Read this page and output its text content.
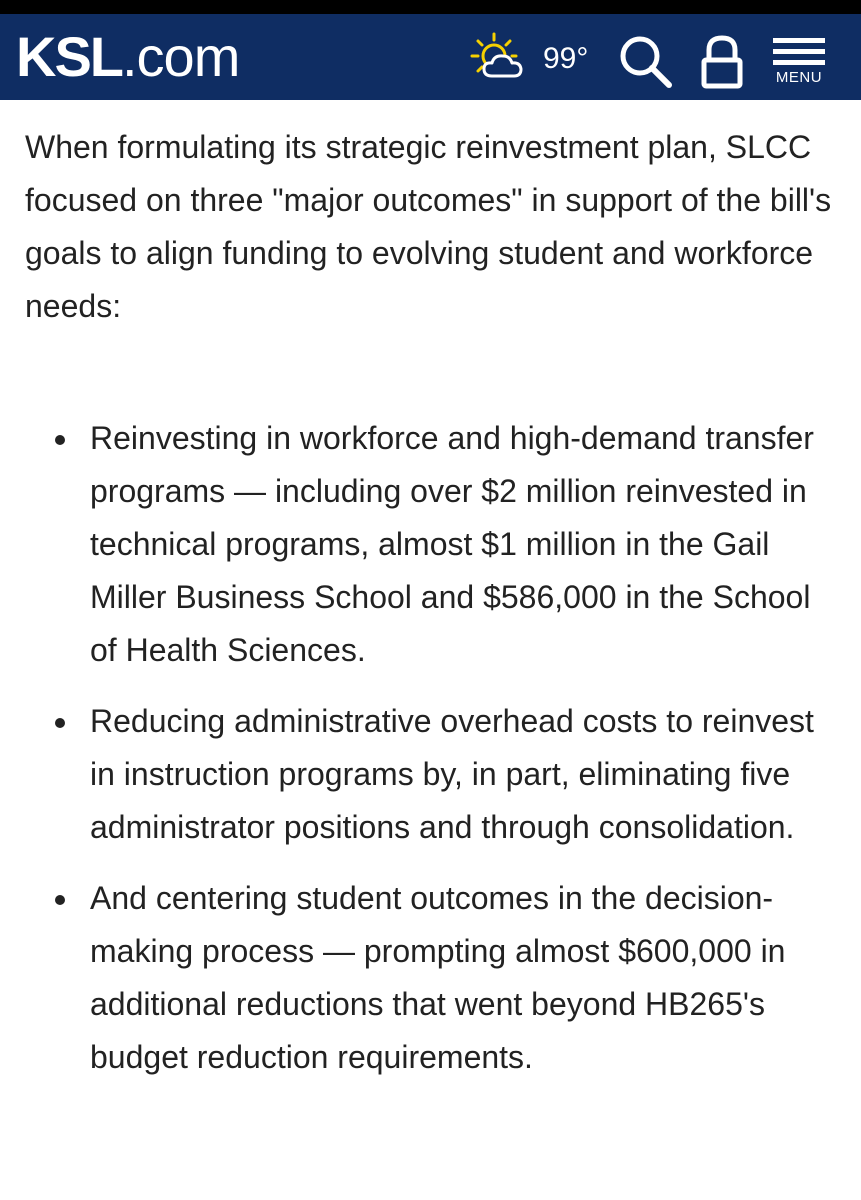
KSL.com	99°
MENU

When formulating its strategic reinvestment plan, SLCC focused on three "major outcomes" in support of the bill's goals to align funding to evolving student and workforce needs:

Reinvesting in workforce and high-demand transfer programs — including over $2 million reinvested in technical programs, almost $1 million in the Gail Miller Business School and $586,000 in the School of Health Sciences.
Reducing administrative overhead costs to reinvest in instruction programs by, in part, eliminating five administrator positions and through consolidation.
And centering student outcomes in the decision-making process — prompting almost $600,000 in additional reductions that went beyond HB265's budget reduction requirements.
